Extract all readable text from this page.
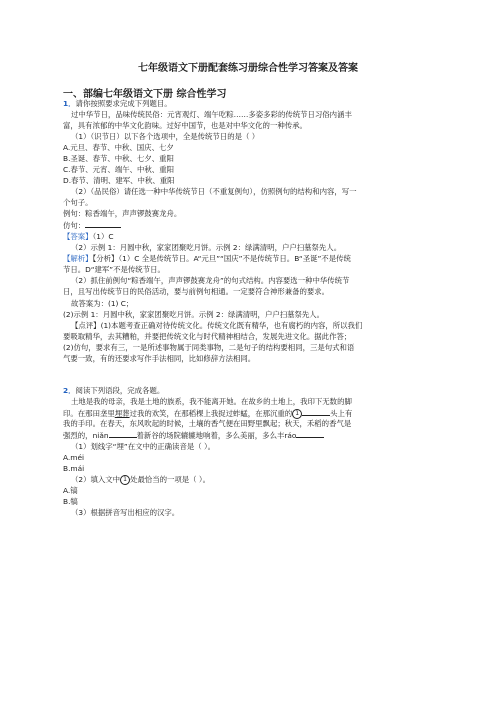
七年级语文下册配套练习册综合性学习答案及答案
一、部编七年级语文下册 综合性学习
1．请你按照要求完成下列题目。
过中华节日，品味传统民俗：元宵观灯、端午吃粽……多姿多彩的传统节日习俗内涵丰
富，具有浓郁的中华文化韵味。过好中国节，也是对中华文化的一种传承。
（1）（识节日）以下各个选项中，全是传统节日的是（ ）
A.元旦、春节、中秋、国庆、七夕
B.圣诞、春节、中秋、七夕、重阳
C.春节、元宵、端午、中秋、重阳
D.春节、清明、建军、中秋、重阳
（2）（品民俗）请任选一种中华传统节日（不重复例句），仿照例句的结构和内容，写一
个句子。
例句：粽香端午，声声锣鼓赛龙舟。
仿句：
【答案】（1）C
（2）示例 1：月圆中秋，家家团聚吃月饼。示例 2：绿满清明，户户扫墓祭先人。
【解析】【分析】（1）C 全是传统节日。A“元旦”“国庆”不是传统节日。B“圣诞”不是传统
节日。D“建军”不是传统节日。
（2）抓住前例句“粽香端午，声声锣鼓赛龙舟”的句式结构。内容要选一种中华传统节
日，且写出传统节日的民俗活动，要与前例句相通。一定要符合神形兼备的要求。
故答案为：(1) C；
(2)示例 1：月圆中秋，家家团聚吃月饼。示例 2：绿满清明，户户扫墓祭先人。
【点评】(1)本题考查正确对待传统文化。传统文化既有精华，也有腐朽的内容，所以我们
要吸取精华，去其糟粕，并要把传统文化与时代精神相结合，发展先进文化。据此作答；
(2)仿句，要求有三，一是所述事物属于同类事物，二是句子的结构要相同，三是句式和语
气要一致，有的还要求写作手法相同，比如修辞方法相同。
2．阅读下列语段，完成各题。
土地是我的母亲，我是土地的族系，我不能离开她。在故乡的土地上，我印下无数的脚
印。在那田垄里埋葬过我的欢笑，在那稻棵上我捉过蚱蜢，在那沉重的 1	头上有
我的手印。在春天，东风吹起的时候，土壤的香气便在田野里飘起；秋天，禾稻的香气是
强烈的，niǎn	着新谷的场院辘辘地响着，多么美丽，多么丰ráo
（1）划线字“埋”在文中的正确读音是（ ）。
A.méi
B.mái
（2）填入文中 1 处最恰当的一项是（ ）。
A.镐
B.犒
（3）根据拼音写出相应的汉字。
